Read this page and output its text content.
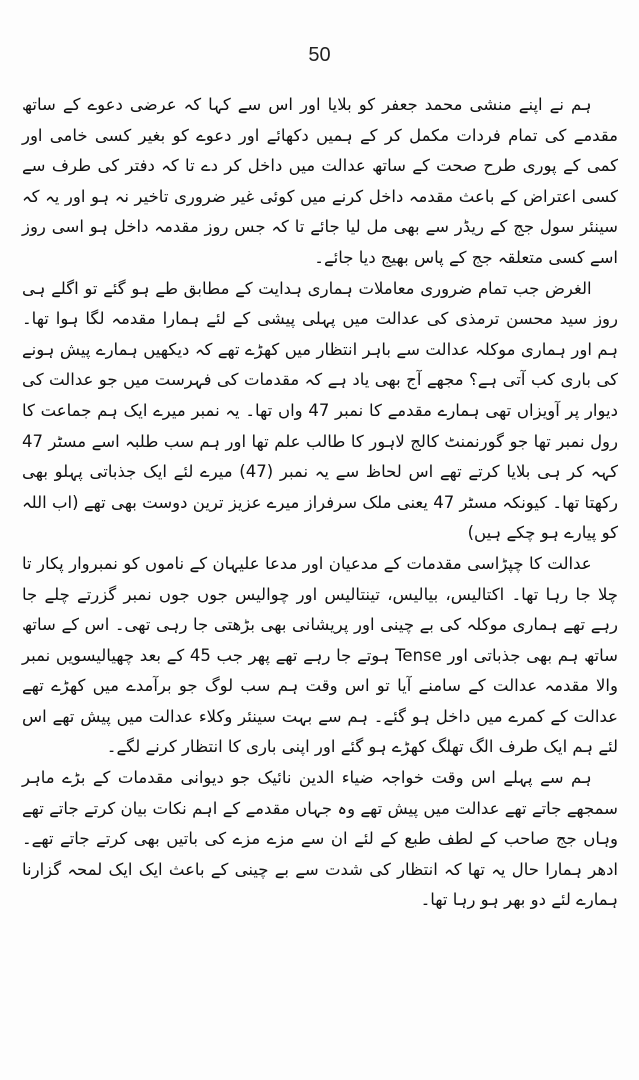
50

ہم نے اپنے منشی محمد جعفر کو بلایا اور اس سے کہا کہ عرضی دعوے کے ساتھ مقدمے کی تمام فردات مکمل کر کے ہمیں دکھائے اور دعوے کو بغیر کسی خامی اور کمی کے پوری طرح صحت کے ساتھ عدالت میں داخل کر دے تا کہ دفتر کی طرف سے کسی اعتراض کے باعث مقدمہ داخل کرنے میں کوئی غیر ضروری تاخیر نہ ہو اور یہ کہ سینئر سول جج کے ریڈر سے بھی مل لیا جائے تا کہ جس روز مقدمہ داخل ہو اسی روز اسے کسی متعلقہ جج کے پاس بھیج دیا جائے۔

الغرض جب تمام ضروری معاملات ہماری ہدایت کے مطابق طے ہو گئے تو اگلے ہی روز سید محسن ترمذی کی عدالت میں پہلی پیشی کے لئے ہمارا مقدمہ لگا ہوا تھا۔ ہم اور ہماری موکلہ عدالت سے باہر انتظار میں کھڑے تھے کہ دیکھیں ہمارے پیش ہونے کی باری کب آتی ہے؟ مجھے آج بھی یاد ہے کہ مقدمات کی فہرست میں جو عدالت کی دیوار پر آویزاں تھی ہمارے مقدمے کا نمبر 47 واں تھا۔ یہ نمبر میرے ایک ہم جماعت کا رول نمبر تھا جو گورنمنٹ کالج لاہور کا طالب علم تھا اور ہم سب طلبہ اسے مسٹر 47 کہہ کر ہی بلایا کرتے تھے اس لحاظ سے یہ نمبر (47) میرے لئے ایک جذباتی پہلو بھی رکھتا تھا۔ کیونکہ مسٹر 47 یعنی ملک سرفراز میرے عزیز ترین دوست بھی تھے (اب اللہ کو پیارے ہو چکے ہیں)

عدالت کا چپڑاسی مقدمات کے مدعیان اور مدعا علیہان کے ناموں کو نمبروار پکار تا چلا جا رہا تھا۔ اکتالیس، بیالیس، تینتالیس اور چوالیس جوں جوں نمبر گزرتے چلے جا رہے تھے ہماری موکلہ کی بے چینی اور پریشانی بھی بڑھتی جا رہی تھی۔ اس کے ساتھ ساتھ ہم بھی جذباتی اور Tense ہوتے جا رہے تھے پھر جب 45 کے بعد چھیالیسویں نمبر والا مقدمہ عدالت کے سامنے آیا تو اس وقت ہم سب لوگ جو برآمدے میں کھڑے تھے عدالت کے کمرے میں داخل ہو گئے۔ ہم سے بہت سینئر وکلاء عدالت میں پیش تھے اس لئے ہم ایک طرف الگ تھلگ کھڑے ہو گئے اور اپنی باری کا انتظار کرنے لگے۔

ہم سے پہلے اس وقت خواجہ ضیاء الدین نائیک جو دیوانی مقدمات کے بڑے ماہر سمجھے جاتے تھے عدالت میں پیش تھے وہ جہاں مقدمے کے اہم نکات بیان کرتے جاتے تھے وہاں جج صاحب کے لطف طبع کے لئے ان سے مزے مزے کی باتیں بھی کرتے جاتے تھے۔ ادھر ہمارا حال یہ تھا کہ انتظار کی شدت سے بے چینی کے باعث ایک ایک لمحہ گزارنا ہمارے لئے دو بھر ہو رہا تھا۔
